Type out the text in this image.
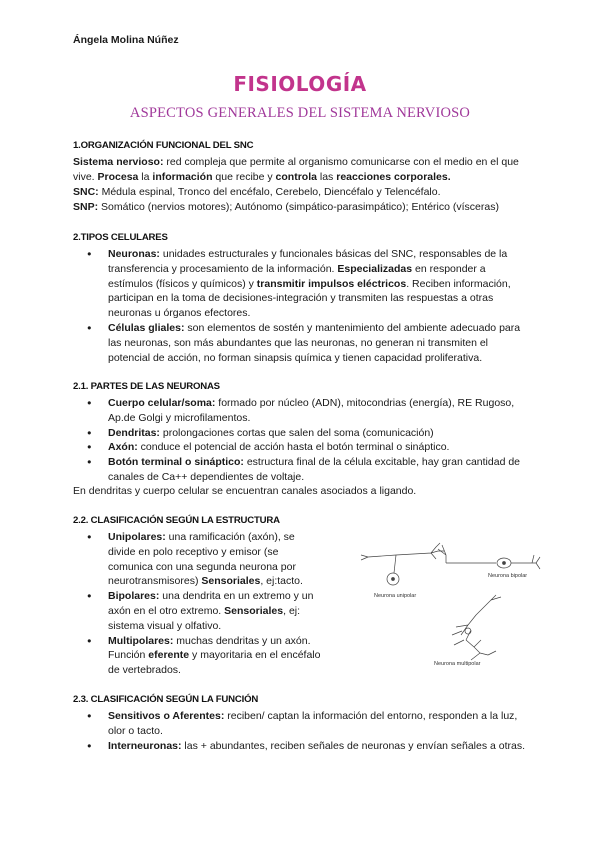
Ángela Molina Núñez
FISIOLOGÍA
ASPECTOS GENERALES DEL SISTEMA NERVIOSO
1.ORGANIZACIÓN FUNCIONAL DEL SNC
Sistema nervioso: red compleja que permite al organismo comunicarse con el medio en el que vive. Procesa la información que recibe y controla las reacciones corporales.
SNC: Médula espinal, Tronco del encéfalo, Cerebelo, Diencéfalo y Telencéfalo.
SNP: Somático (nervios motores); Autónomo (simpático-parasimpático); Entérico (vísceras)
2.TIPOS CELULARES
● Neuronas: unidades estructurales y funcionales básicas del SNC, responsables de la transferencia y procesamiento de la información. Especializadas en responder a estímulos (físicos y químicos) y transmitir impulsos eléctricos. Reciben información, participan en la toma de decisiones-integración y transmiten las respuestas a otras neuronas u órganos efectores.
● Células gliales: son elementos de sostén y mantenimiento del ambiente adecuado para las neuronas, son más abundantes que las neuronas, no generan ni transmiten el potencial de acción, no forman sinapsis química y tienen capacidad proliferativa.
2.1. PARTES DE LAS NEURONAS
● Cuerpo celular/soma: formado por núcleo (ADN), mitocondrias (energía), RE Rugoso, Ap.de Golgi y microfilamentos.
● Dendritas: prolongaciones cortas que salen del soma (comunicación)
● Axón: conduce el potencial de acción hasta el botón terminal o sináptico.
● Botón terminal o sináptico: estructura final de la célula excitable, hay gran cantidad de canales de Ca++ dependientes de voltaje.
En dendritas y cuerpo celular se encuentran canales asociados a ligando.
2.2. CLASIFICACIÓN SEGÚN LA ESTRUCTURA
● Unipolares: una ramificación (axón), se divide en polo receptivo y emisor (se comunica con una segunda neurona por neurotransmisores) Sensoriales, ej:tacto.
● Bipolares: una dendrita en un extremo y un axón en el otro extremo. Sensoriales, ej: sistema visual y olfativo.
● Multipolares: muchas dendritas y un axón. Función eferente y mayoritaria en el encéfalo de vertebrados.
Neurona unipolar
Neurona bipolar
Neurona multipolar
2.3. CLASIFICACIÓN SEGÚN LA FUNCIÓN
● Sensitivos o Aferentes: reciben/ captan la información del entorno, responden a la luz, olor o tacto.
● Interneuronas: las + abundantes, reciben señales de neuronas y envían señales a otras.
